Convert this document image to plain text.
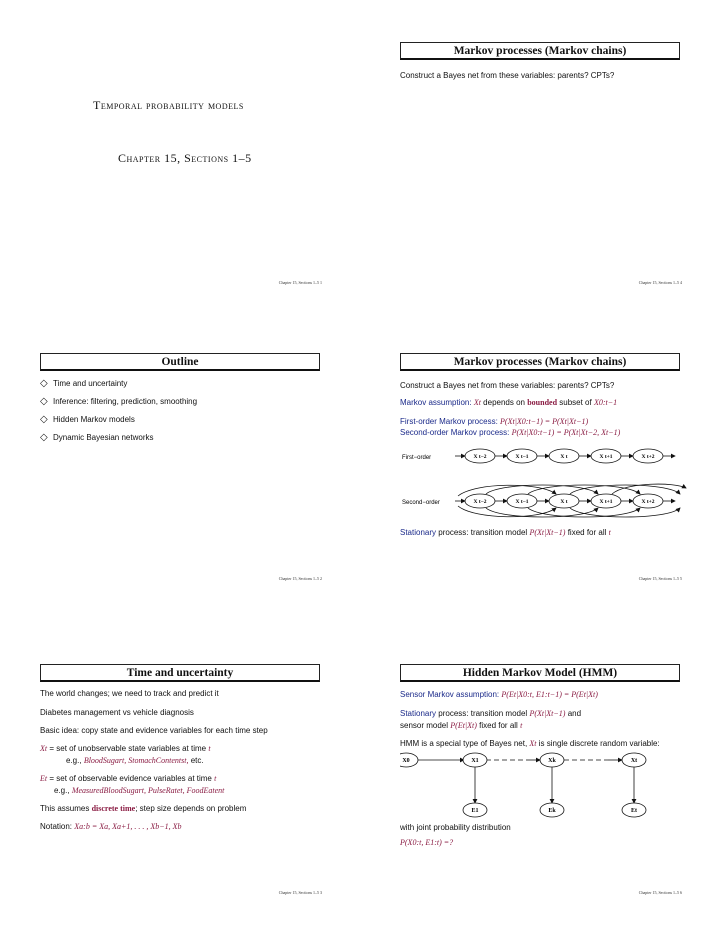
Temporal probability models
Chapter 15, Sections 1–5
Chapter 15, Sections 1–5 1
Markov processes (Markov chains)
Construct a Bayes net from these variables: parents? CPTs?
Chapter 15, Sections 1–5 4
Outline
◇ Time and uncertainty
◇ Inference: filtering, prediction, smoothing
◇ Hidden Markov models
◇ Dynamic Bayesian networks
Chapter 15, Sections 1–5 2
Markov processes (Markov chains)
Construct a Bayes net from these variables: parents? CPTs?
Markov assumption: Xt depends on bounded subset of X0:t−1
First-order Markov process: P(Xt|X0:t−1) = P(Xt|Xt−1)
Second-order Markov process: P(Xt|X0:t−1) = P(Xt|Xt−2, Xt−1)
First−order
Second−order
X t−2	X t−1	X t	X t+1	X t+2
X t−2	X t−1	X t	X t+1	X t+2
Stationary process: transition model P(Xt|Xt−1) fixed for all t
Chapter 15, Sections 1–5 5
Time and uncertainty
The world changes; we need to track and predict it
Diabetes management vs vehicle diagnosis
Basic idea: copy state and evidence variables for each time step
Xt = set of unobservable state variables at time t
e.g., BloodSugart, StomachContentst, etc.
Et = set of observable evidence variables at time t
e.g., MeasuredBloodSugart, PulseRatet, FoodEatent
This assumes discrete time; step size depends on problem
Notation: Xa:b = Xa, Xa+1, . . . , Xb−1, Xb
Chapter 15, Sections 1–5 3
Hidden Markov Model (HMM)
Sensor Markov assumption: P(Et|X0:t, E1:t−1) = P(Et|Xt)
Stationary process: transition model P(Xt|Xt−1) and
sensor model P(Et|Xt) fixed for all t
HMM is a special type of Bayes net, Xt is single discrete random variable:
X0	X1	Xk	Xt
E1	Ek	Et
with joint probability distribution
P(X0:t, E1:t) =?
Chapter 15, Sections 1–5 6
